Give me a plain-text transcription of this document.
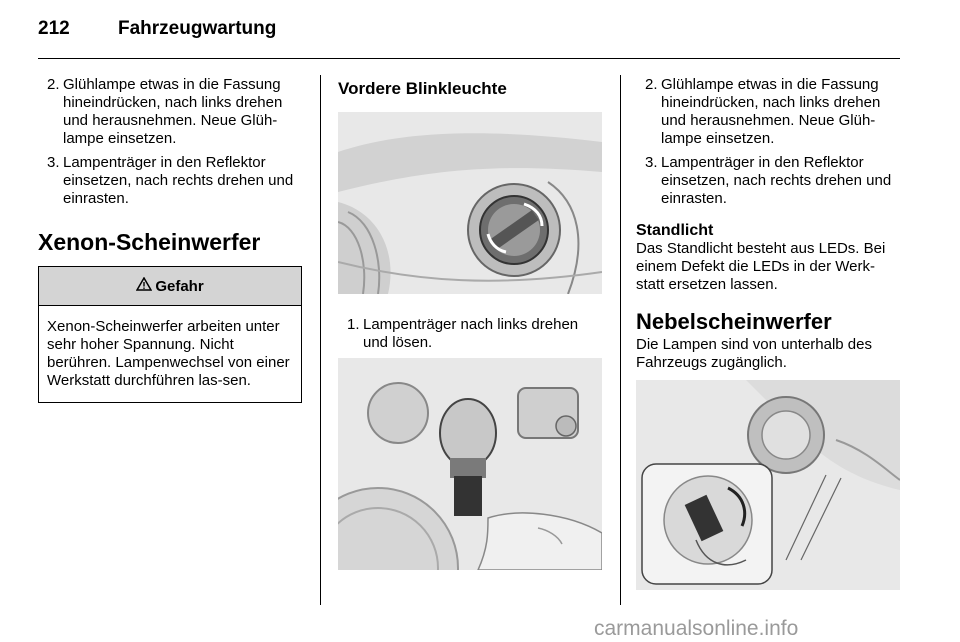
212	Fahrzeugwartung
2. Glühlampe etwas in die Fassung hineindrücken, nach links drehen und herausnehmen. Neue Glüh-lampe einsetzen.
3. Lampenträger in den Reflektor einsetzen, nach rechts drehen und einrasten.
Xenon-Scheinwerfer
Gefahr
Xenon-Scheinwerfer arbeiten unter sehr hoher Spannung. Nicht berühren. Lampenwechsel von einer Werkstatt durchführen las-sen.
Vordere Blinkleuchte
1. Lampenträger nach links drehen und lösen.
2. Glühlampe etwas in die Fassung hineindrücken, nach links drehen und herausnehmen. Neue Glüh-lampe einsetzen.
3. Lampenträger in den Reflektor einsetzen, nach rechts drehen und einrasten.
Standlicht

Das Standlicht besteht aus LEDs. Bei einem Defekt die LEDs in der Werk-statt ersetzen lassen.

Nebelscheinwerfer

Die Lampen sind von unterhalb des Fahrzeugs zugänglich.

carmanualsonline.info
